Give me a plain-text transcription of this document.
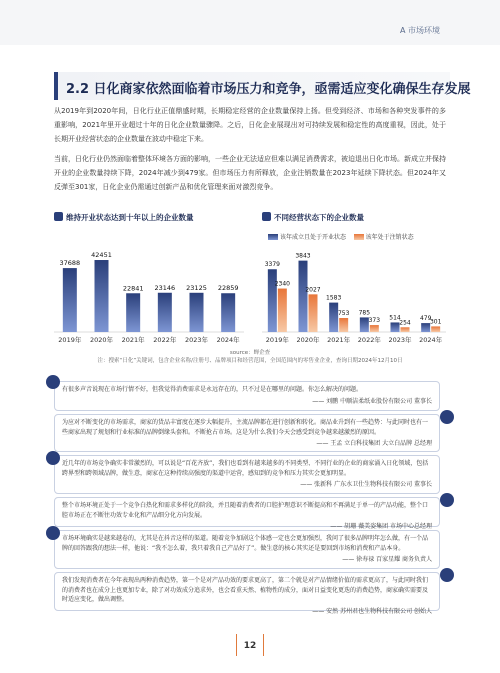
A 市场环境
2.2 日化商家依然面临着市场压力和竞争，亟需适应变化确保生存发展
从2019年到2020年间，日化行业正值鼎盛时期，长期稳定经营的企业数量保持上扬。但受到经济、市场和各种突发事件的多重影响，2021年里开业超过十年的日化企业数量骤降。之后，日化企业展现出对可持续发展和稳定性的高度重视，因此，处于长期开业经营状态的企业数量在波动中稳定下来。
当前，日化行业仍然面临着整体环境各方面的影响，一些企业无法适应但难以满足消费需求，被迫退出日化市场。新成立并保持开业的企业数量持续下降，2024年减少到479家。但市场压力有所释放，企业注销数量在2023年延续下降状态。但2024年又反弹至301家，日化企业仍需通过创新产品和优化管理来面对激烈竞争。
维持开业状态达到十年以上的企业数量	不同经营状态下的企业数量
该年成立且处于开业状态	该年处于注销状态
37688
2019年
42451
2020年
22841
2021年
23146
2022年
23125
2023年
22859
2024年
3379
2340
2019年
3843
2027
2020年
1583
753
2021年
785
373
2022年
514
254
2023年
479
301
2024年
source：蝉企查
注：搜索“日化”关键词，包含企业名称/注册号、品牌项目和经营范围，全国范围内的零售业企业，查询日期2024年12月10日
有很多声音说现在市场行情不好，但我觉得消费需求是永远存在的，只不过是在哪里的问题。你怎么解决的问题。
—— 刘鹏 中顺洁柔纸业股份有限公司 董事长
为应对不断变化的市场需求，商家的货品丰富度在逐步大幅提升，主流品牌都在进行创新和转化。商品业升到有一些趋势：与此同时也有一些商家出现了规划和行业标准的品牌倒缘头套和。不断抢占市场。这是为什么我们今天会感受到竞争越来越激烈的原因。
—— 王孟 立白科技集团 大立白品牌 总经理
近几年的市场竞争确实非常激烈的，可以说是“百花齐放”，我们也看到有越来越多的不同类型、不同行业的企业的商家涌入日化领域，包括跨界型和跨领域品牌，做生意，商家在这种持续高强度的渠道中运营，感知到的竞争和压力其实会更加明显。
—— 张新科 广东水卫仕生物科技有限公司 董事长
整个市场环境正处于一个竞争白热化和需求多样化的阶段，并且随着消费者的口腔护理意识不断提高和不再满足于单一的产品功能，整个口腔市场正在不断往功效专业化和产品细分化方向发展。
—— 胡珊 薇美姿集团 市场中心总经理
市场环境确实是越来越卷的，尤其是在抖音这样的渠道。随着竞争加剧这个体感一定也会更加强烈，我问了很多品牌明年怎么做，有一个品牌的回答跟我的想法一样，他说：“我不怎么着，我只着我自己产品好了”。做生意的核心其实还是要回到市场和消费和产品本身。
—— 徐寿禄 百家星耀 商务负责人
我们发现消费者在今年表现出两种消费趋势，第一个是对产品功效的要求更高了，第二个就是对产品情绪价值的需求更高了，与此同时我们的消费者也在成分上也更加专业，除了对功效成分追求外，也会看重天然、植物性的成分，面对日益变化更迭的消费趋势，商家确实需要及时适应变化，做出调整。
—— 安然 苏州君也生物科技有限公司 创始人
12
